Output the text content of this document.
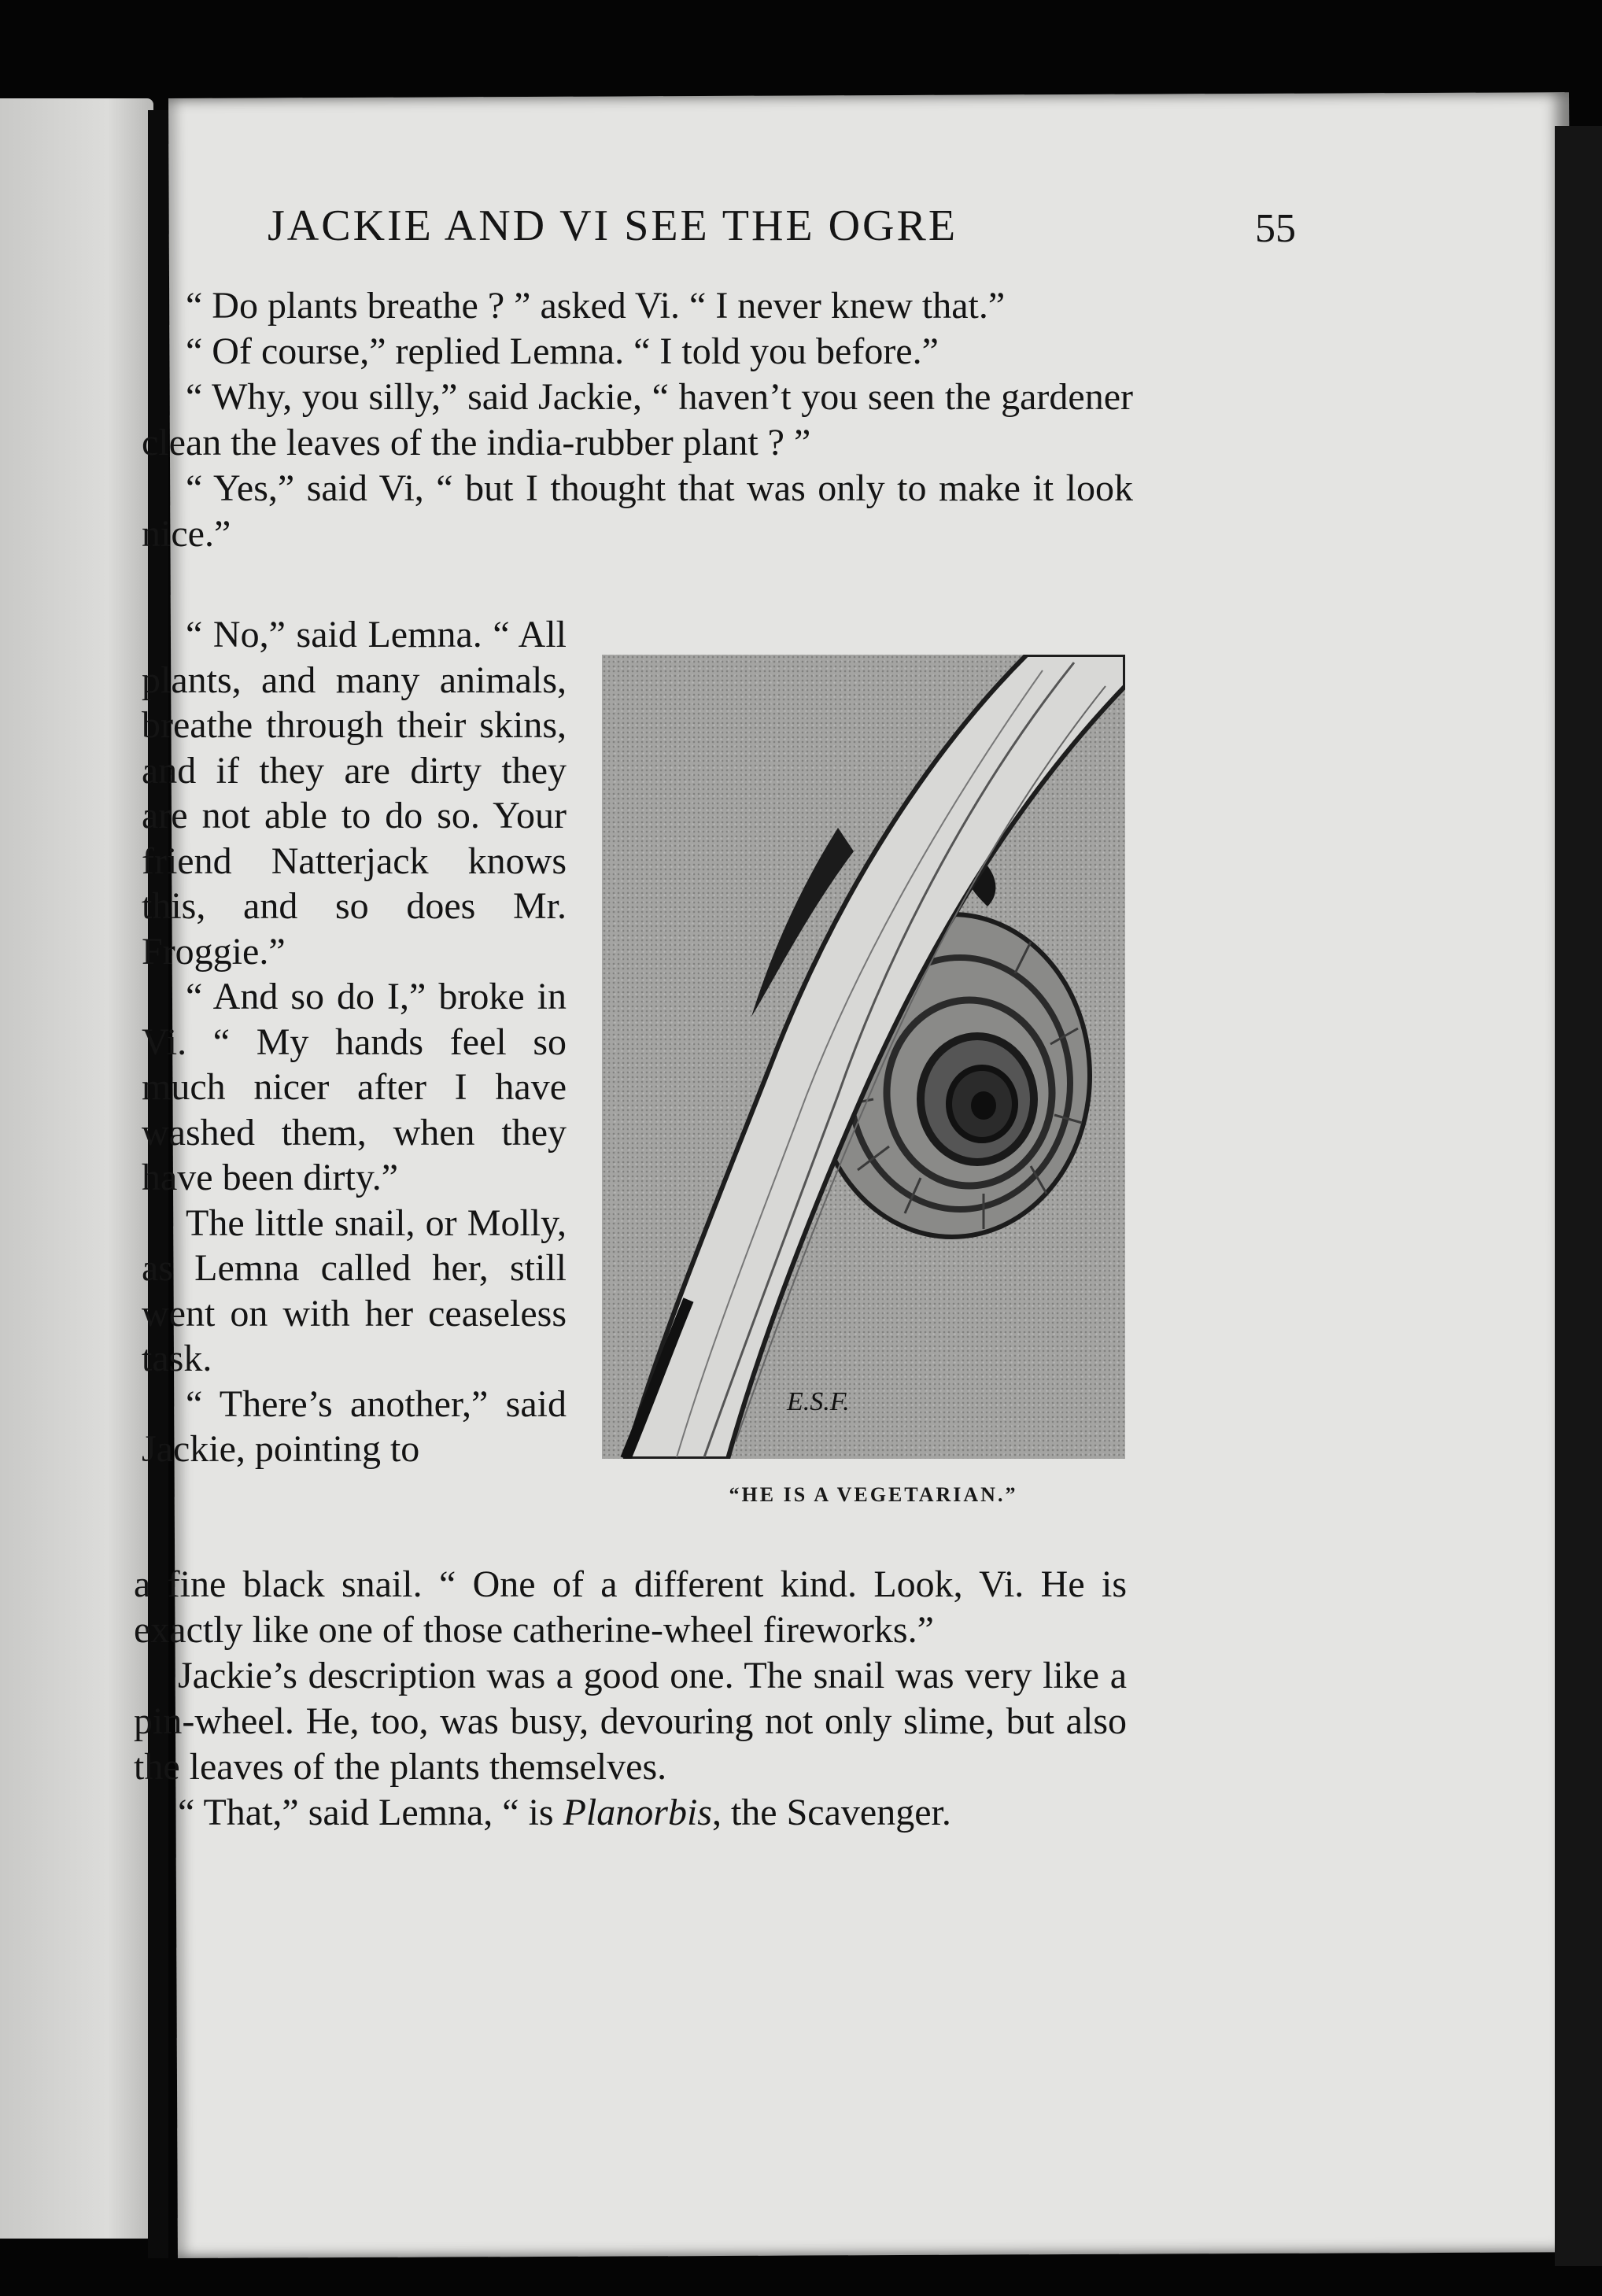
JACKIE AND VI SEE THE OGRE	55

“ Do plants breathe ? ” asked Vi. “ I never knew that.”

“ Of course,” replied Lemna. “ I told you before.”

“ Why, you silly,” said Jackie, “ haven’t you seen the gardener clean the leaves of the india-rubber plant ? ”

“ Yes,” said Vi, “ but I thought that was only to make it look nice.”

“ No,” said Lemna. “ All plants, and many animals, breathe through their skins, and if they are dirty they are not able to do so. Your friend Natterjack knows this, and so does Mr. Froggie.”

“ And so do I,” broke in Vi. “ My hands feel so much nicer after I have washed them, when they have been dirty.”

The little snail, or Molly, as Lemna called her, still went on with her ceaseless task.

“ There’s another,” said Jackie, pointing to

E.S.F.
“HE IS A VEGETARIAN.”

a fine black snail. “ One of a different kind. Look, Vi. He is exactly like one of those catherine-wheel fireworks.”

Jackie’s description was a good one. The snail was very like a pin-wheel. He, too, was busy, devouring not only slime, but also the leaves of the plants themselves.

“ That,” said Lemna, “ is Planorbis, the Scavenger.
